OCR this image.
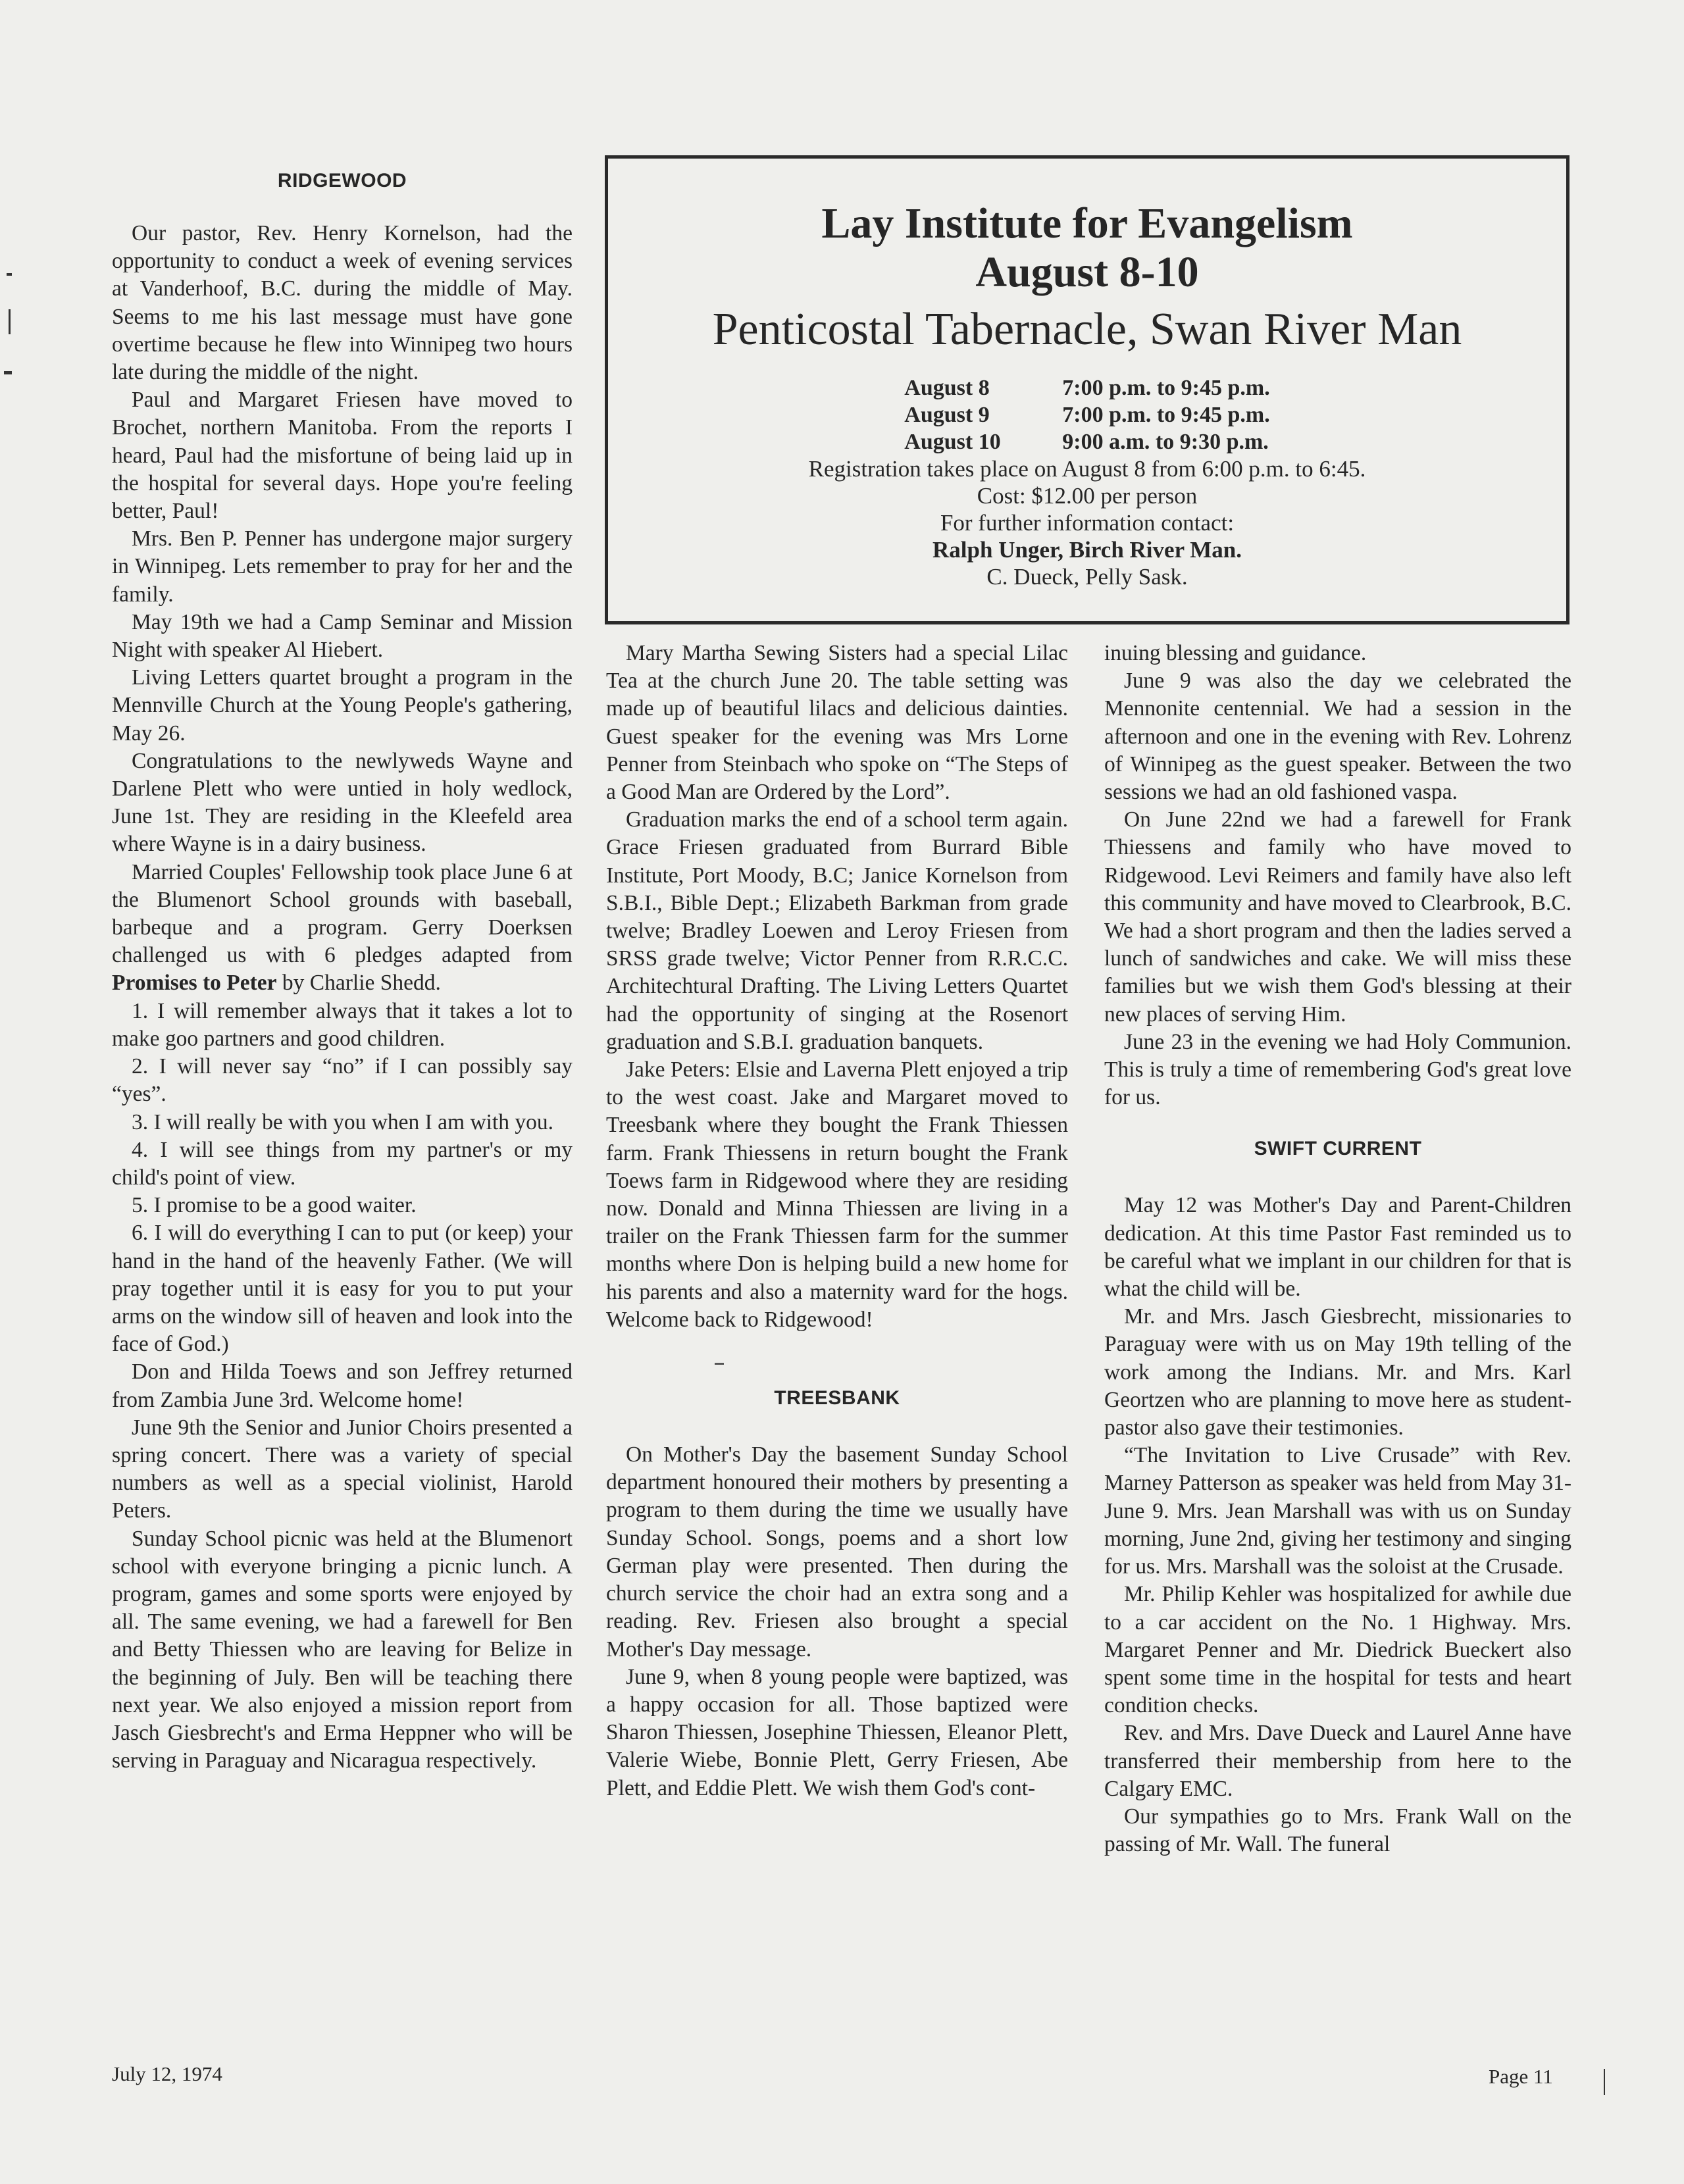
RIDGEWOOD

Our pastor, Rev. Henry Kornelson, had the opportunity to conduct a week of evening services at Vanderhoof, B.C. during the middle of May. Seems to me his last message must have gone overtime because he flew into Winnipeg two hours late during the middle of the night.

Paul and Margaret Friesen have moved to Brochet, northern Manitoba. From the reports I heard, Paul had the misfortune of being laid up in the hospital for several days. Hope you're feeling better, Paul!

Mrs. Ben P. Penner has undergone major surgery in Winnipeg. Lets remember to pray for her and the family.

May 19th we had a Camp Seminar and Mission Night with speaker Al Hiebert.

Living Letters quartet brought a program in the Mennville Church at the Young People's gathering, May 26.

Congratulations to the newlyweds Wayne and Darlene Plett who were untied in holy wedlock, June 1st. They are residing in the Kleefeld area where Wayne is in a dairy business.

Married Couples' Fellowship took place June 6 at the Blumenort School grounds with baseball, barbeque and a program. Gerry Doerksen challenged us with 6 pledges adapted from Promises to Peter by Charlie Shedd.

1. I will remember always that it takes a lot to make goo partners and good children.

2. I will never say “no” if I can possibly say “yes”.

3. I will really be with you when I am with you.

4. I will see things from my partner's or my child's point of view.

5. I promise to be a good waiter.

6. I will do everything I can to put (or keep) your hand in the hand of the heavenly Father. (We will pray together until it is easy for you to put your arms on the window sill of heaven and look into the face of God.)

Don and Hilda Toews and son Jeffrey returned from Zambia June 3rd. Welcome home!

June 9th the Senior and Junior Choirs presented a spring concert. There was a variety of special numbers as well as a special violinist, Harold Peters.

Sunday School picnic was held at the Blumenort school with everyone bringing a picnic lunch. A program, games and some sports were enjoyed by all. The same evening, we had a farewell for Ben and Betty Thiessen who are leaving for Belize in the beginning of July. Ben will be teaching there next year. We also enjoyed a mission report from Jasch Giesbrecht's and Erma Heppner who will be serving in Paraguay and Nicaragua respectively.

Lay Institute for Evangelism
August 8-10
Penticostal Tabernacle, Swan River Man
August 8	7:00 p.m. to 9:45 p.m.
August 9	7:00 p.m. to 9:45 p.m.
August 10	9:00 a.m. to 9:30 p.m.
Registration takes place on August 8 from 6:00 p.m. to 6:45.
Cost: $12.00 per person
For further information contact:
Ralph Unger, Birch River Man.
C. Dueck, Pelly Sask.

Mary Martha Sewing Sisters had a special Lilac Tea at the church June 20. The table setting was made up of beautiful lilacs and delicious dainties. Guest speaker for the evening was Mrs Lorne Penner from Steinbach who spoke on “The Steps of a Good Man are Ordered by the Lord”.

Graduation marks the end of a school term again. Grace Friesen graduated from Burrard Bible Institute, Port Moody, B.C; Janice Kornelson from S.B.I., Bible Dept.; Elizabeth Barkman from grade twelve; Bradley Loewen and Leroy Friesen from SRSS grade twelve; Victor Penner from R.R.C.C. Architechtural Drafting. The Living Letters Quartet had the opportunity of singing at the Rosenort graduation and S.B.I. graduation banquets.

Jake Peters: Elsie and Laverna Plett enjoyed a trip to the west coast. Jake and Margaret moved to Treesbank where they bought the Frank Thiessen farm. Frank Thiessens in return bought the Frank Toews farm in Ridgewood where they are residing now. Donald and Minna Thiessen are living in a trailer on the Frank Thiessen farm for the summer months where Don is helping build a new home for his parents and also a maternity ward for the hogs. Welcome back to Ridgewood!

TREESBANK

On Mother's Day the basement Sunday School department honoured their mothers by presenting a program to them during the time we usually have Sunday School. Songs, poems and a short low German play were presented. Then during the church service the choir had an extra song and a reading. Rev. Friesen also brought a special Mother's Day message.

June 9, when 8 young people were baptized, was a happy occasion for all. Those baptized were Sharon Thiessen, Josephine Thiessen, Eleanor Plett, Valerie Wiebe, Bonnie Plett, Gerry Friesen, Abe Plett, and Eddie Plett. We wish them God's cont-

inuing blessing and guidance.

June 9 was also the day we celebrated the Mennonite centennial. We had a session in the afternoon and one in the evening with Rev. Lohrenz of Winnipeg as the guest speaker. Between the two sessions we had an old fashioned vaspa.

On June 22nd we had a farewell for Frank Thiessens and family who have moved to Ridgewood. Levi Reimers and family have also left this community and have moved to Clearbrook, B.C. We had a short program and then the ladies served a lunch of sandwiches and cake. We will miss these families but we wish them God's blessing at their new places of serving Him.

June 23 in the evening we had Holy Communion. This is truly a time of remembering God's great love for us.

SWIFT CURRENT

May 12 was Mother's Day and Parent-Children dedication. At this time Pastor Fast reminded us to be careful what we implant in our children for that is what the child will be.

Mr. and Mrs. Jasch Giesbrecht, missionaries to Paraguay were with us on May 19th telling of the work among the Indians. Mr. and Mrs. Karl Geortzen who are planning to move here as student-pastor also gave their testimonies.

“The Invitation to Live Crusade” with Rev. Marney Patterson as speaker was held from May 31-June 9. Mrs. Jean Marshall was with us on Sunday morning, June 2nd, giving her testimony and singing for us. Mrs. Marshall was the soloist at the Crusade.

Mr. Philip Kehler was hospitalized for awhile due to a car accident on the No. 1 Highway. Mrs. Margaret Penner and Mr. Diedrick Bueckert also spent some time in the hospital for tests and heart condition checks.

Rev. and Mrs. Dave Dueck and Laurel Anne have transferred their membership from here to the Calgary EMC.

Our sympathies go to Mrs. Frank Wall on the passing of Mr. Wall. The funeral

July 12, 1974	Page 11
